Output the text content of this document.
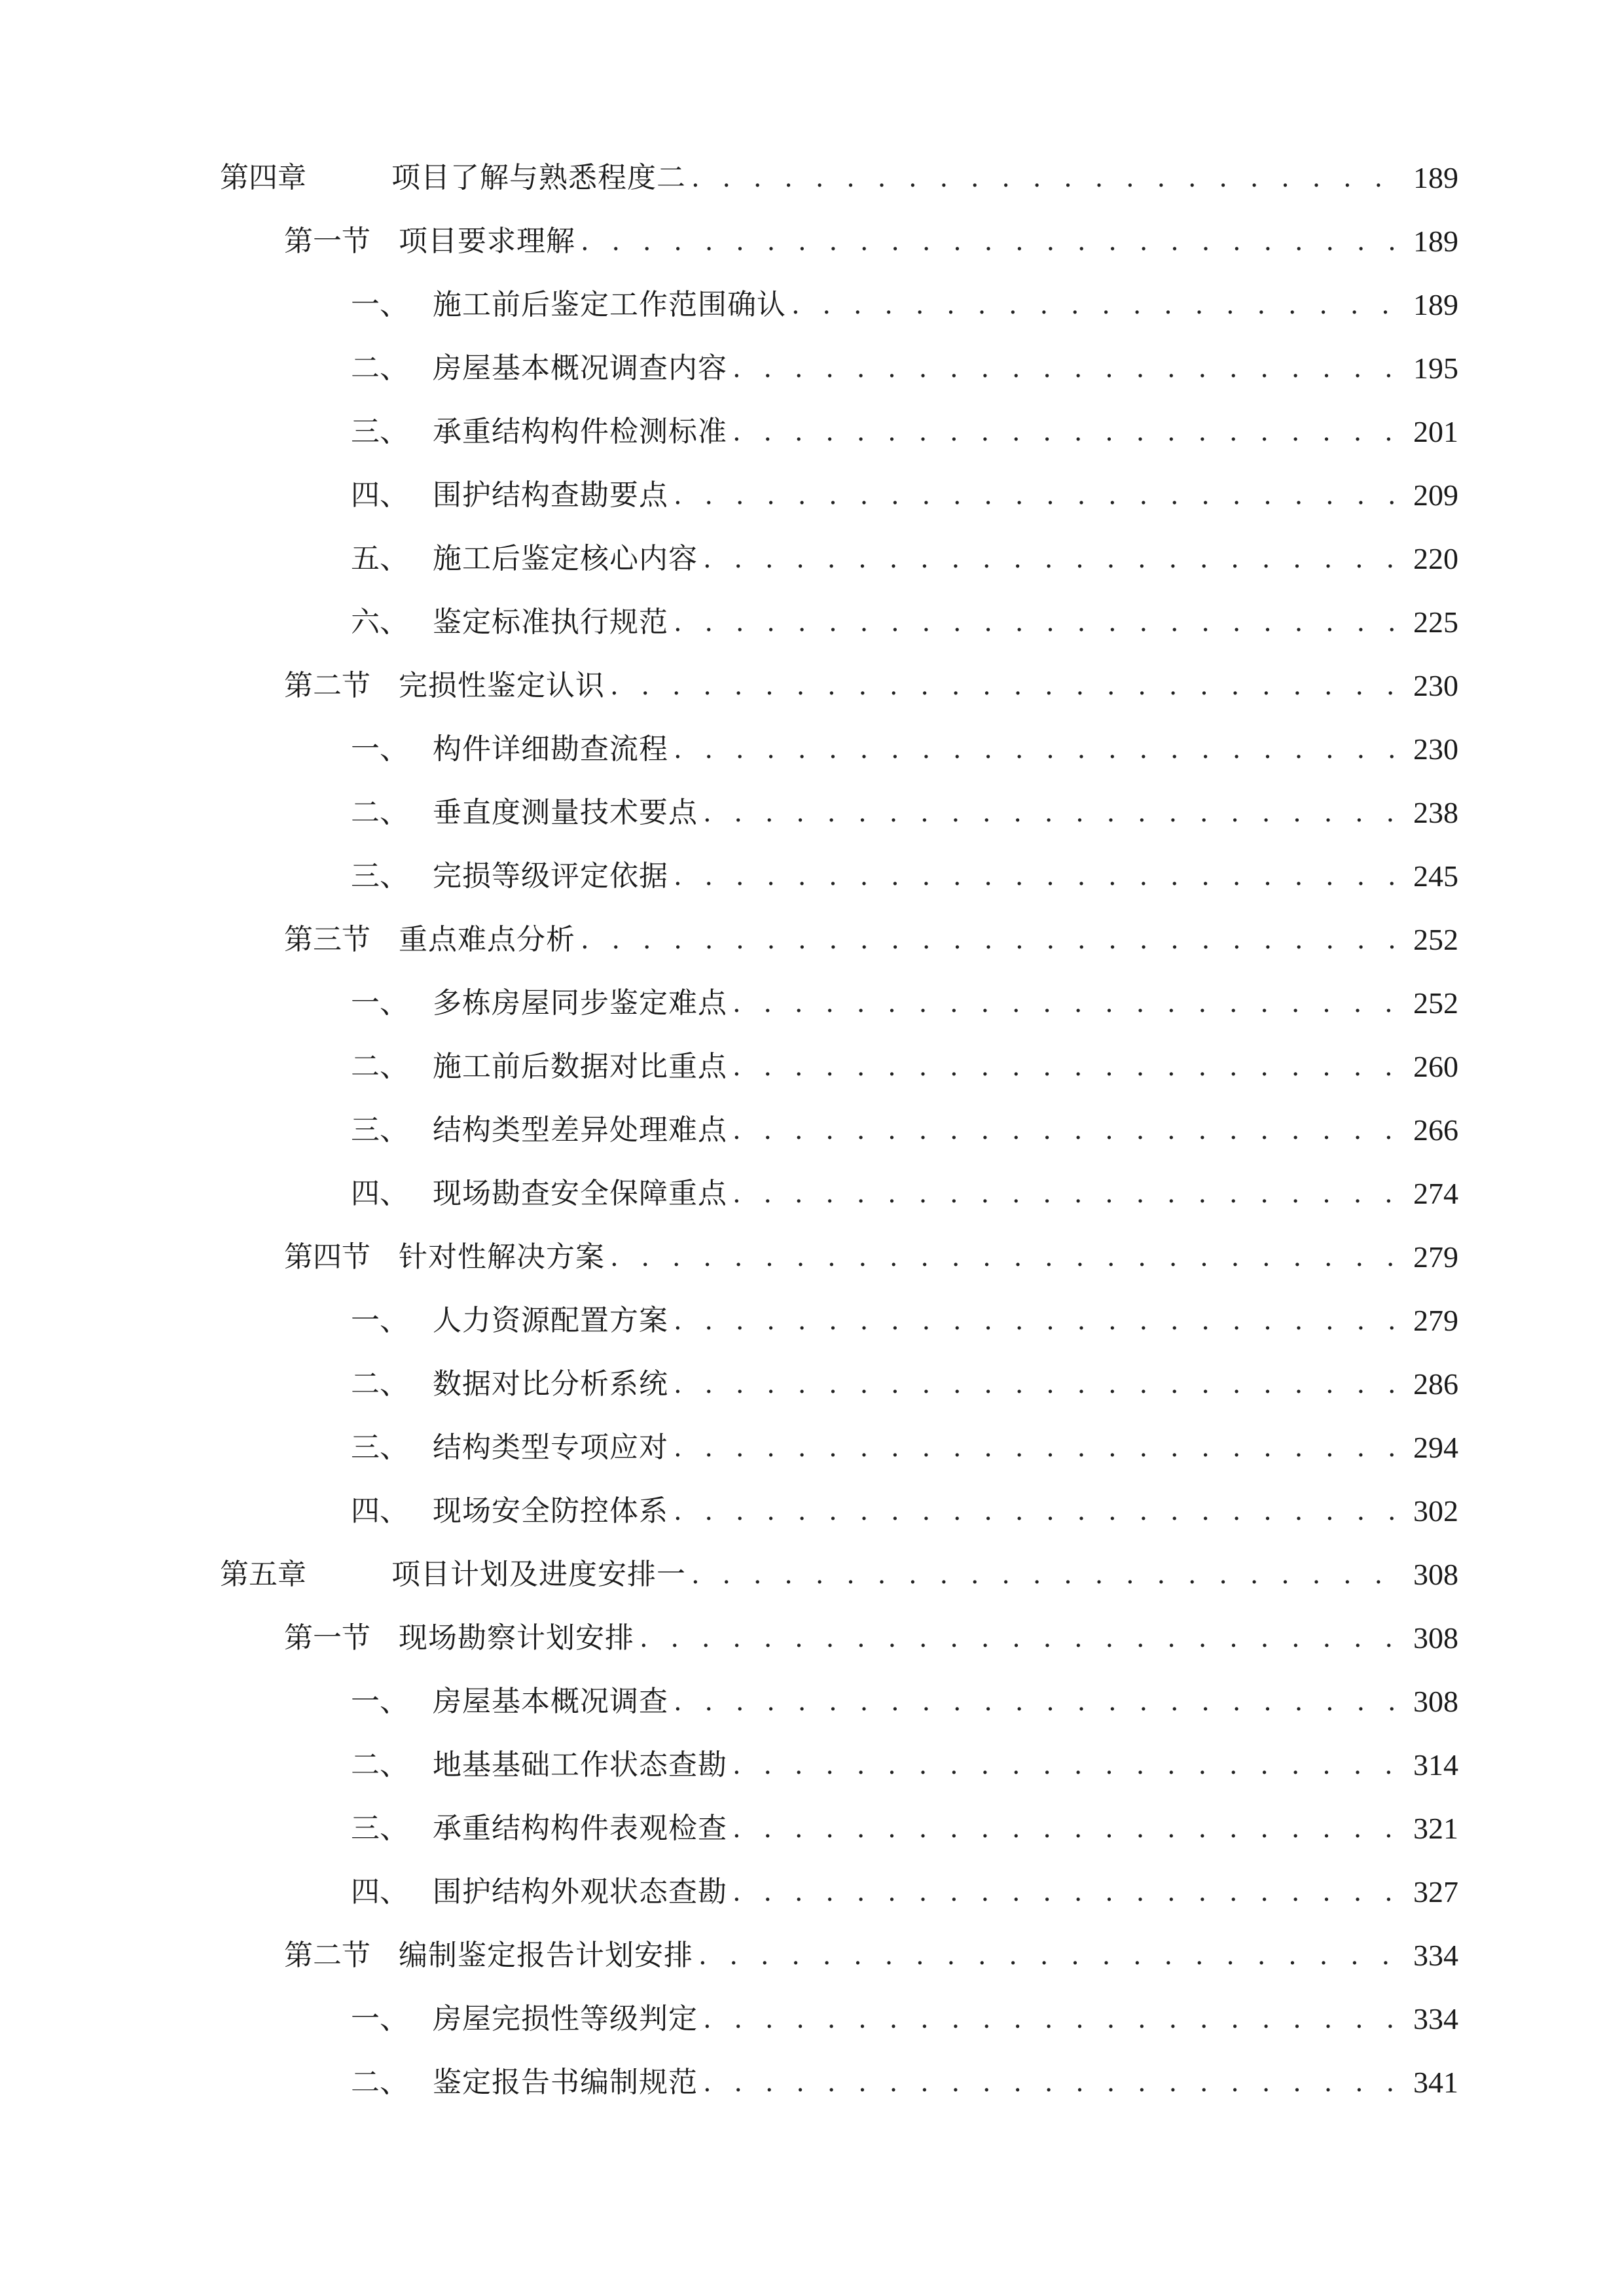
第四章	项目了解与熟悉程度二 . . .	189
第一节 项目要求理解 . . .	189
一、 施工前后鉴定工作范围确认 . . .	189
二、 房屋基本概况调查内容 . . .	195
三、 承重结构构件检测标准 . . .	201
四、 围护结构查勘要点 . . .	209
五、 施工后鉴定核心内容 . . .	220
六、 鉴定标准执行规范 . . .	225
第二节 完损性鉴定认识 . . .	230
一、 构件详细勘查流程 . . .	230
二、 垂直度测量技术要点 . . .	238
三、 完损等级评定依据 . . .	245
第三节 重点难点分析 . . .	252
一、 多栋房屋同步鉴定难点 . . .	252
二、 施工前后数据对比重点 . . .	260
三、 结构类型差异处理难点 . . .	266
四、 现场勘查安全保障重点 . . .	274
第四节 针对性解决方案 . . .	279
一、 人力资源配置方案 . . .	279
二、 数据对比分析系统 . . .	286
三、 结构类型专项应对 . . .	294
四、 现场安全防控体系 . . .	302
第五章	项目计划及进度安排一 . . .	308
第一节 现场勘察计划安排 . . .	308
一、 房屋基本概况调查 . . .	308
二、 地基基础工作状态查勘 . . .	314
三、 承重结构构件表观检查 . . .	321
四、 围护结构外观状态查勘 . . .	327
第二节 编制鉴定报告计划安排 . . .	334
一、 房屋完损性等级判定 . . .	334
二、 鉴定报告书编制规范 . . .	341
